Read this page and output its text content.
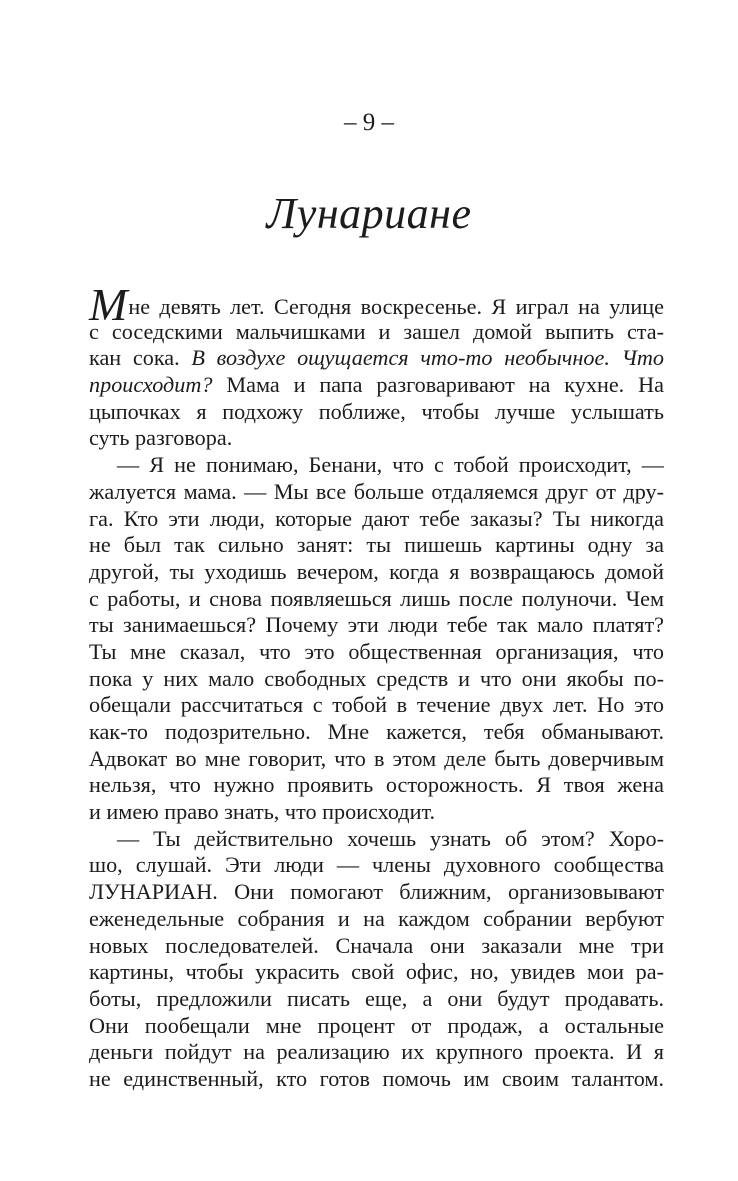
– 9 –
Лунариане
Мне девять лет. Сегодня воскресенье. Я играл на улице
с соседскими мальчишками и зашел домой выпить ста-
кан сока. В воздухе ощущается что-то необычное. Что
происходит? Мама и папа разговаривают на кухне. На
цыпочках я подхожу поближе, чтобы лучше услышать
суть разговора.
— Я не понимаю, Бенани, что с тобой происходит, —
жалуется мама. — Мы все больше отдаляемся друг от дру-
га. Кто эти люди, которые дают тебе заказы? Ты никогда
не был так сильно занят: ты пишешь картины одну за
другой, ты уходишь вечером, когда я возвращаюсь домой
с работы, и снова появляешься лишь после полуночи. Чем
ты занимаешься? Почему эти люди тебе так мало платят?
Ты мне сказал, что это общественная организация, что
пока у них мало свободных средств и что они якобы по-
обещали рассчитаться с тобой в течение двух лет. Но это
как-то подозрительно. Мне кажется, тебя обманывают.
Адвокат во мне говорит, что в этом деле быть доверчивым
нельзя, что нужно проявить осторожность. Я твоя жена
и имею право знать, что происходит.
— Ты действительно хочешь узнать об этом? Хоро-
шо, слушай. Эти люди — члены духовного сообщества
ЛУНАРИАН. Они помогают ближним, организовывают
еженедельные собрания и на каждом собрании вербуют
новых последователей. Сначала они заказали мне три
картины, чтобы украсить свой офис, но, увидев мои ра-
боты, предложили писать еще, а они будут продавать.
Они пообещали мне процент от продаж, а остальные
деньги пойдут на реализацию их крупного проекта. И я
не единственный, кто готов помочь им своим талантом.
